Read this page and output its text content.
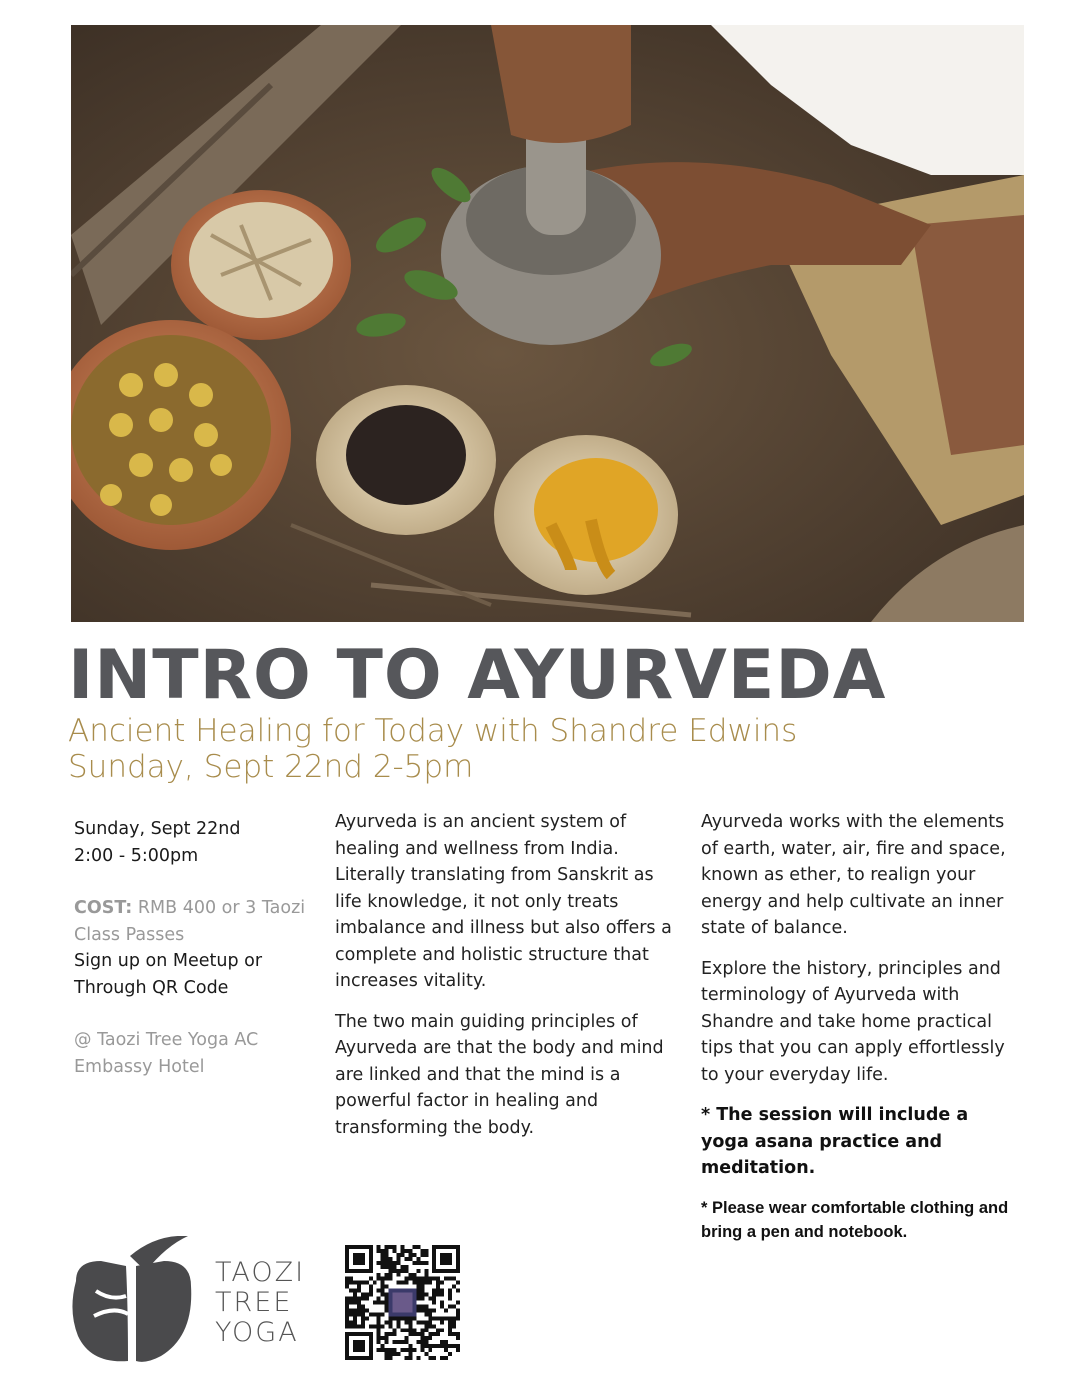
INTRO TO AYURVEDA
Ancient Healing for Today with Shandre Edwins
Sunday, Sept 22nd 2-5pm
Sunday, Sept 22nd
2:00 - 5:00pm
COST: RMB 400 or 3 Taozi Class Passes
Sign up on Meetup or Through QR Code
@ Taozi Tree Yoga AC Embassy Hotel

Ayurveda is an ancient system of healing and wellness from India. Literally translating from Sanskrit as life knowledge, it not only treats imbalance and illness but also offers a complete and holistic structure that increases vitality.

The two main guiding principles of Ayurveda are that the body and mind are linked and that the mind is a powerful factor in healing and transforming the body.

Ayurveda works with the elements of earth, water, air, fire and space, known as ether, to realign your energy and help cultivate an inner state of balance.

Explore the history, principles and terminology of Ayurveda with Shandre and take home practical tips that you can apply effortlessly to your everyday life.

* The session will include a yoga asana practice and meditation.

* Please wear comfortable clothing and bring a pen and notebook.

TAOZI
TREE
YOGA
